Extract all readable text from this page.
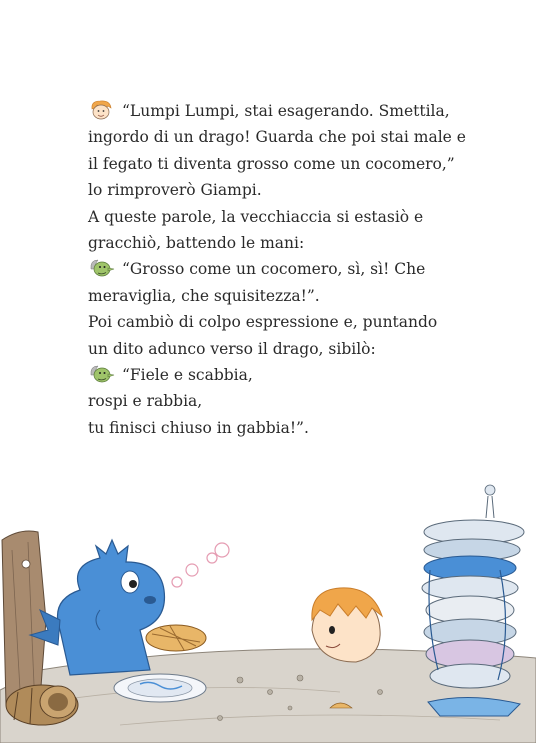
“Lumpi Lumpi, stai esagerando. Smettila,
ingordo di un drago! Guarda che poi stai male e
il fegato ti diventa grosso come un cocomero,”
lo rimproverò Giampi.
A queste parole, la vecchiaccia si estasiò e
gracchiò, battendo le mani:
“Grosso come un cocomero, sì, sì! Che
meraviglia, che squisitezza!”.
Poi cambiò di colpo espressione e, puntando
un dito adunco verso il drago, sibilò:
“Fiele e scabbia,
rospi e rabbia,
tu finisci chiuso in gabbia!”.
